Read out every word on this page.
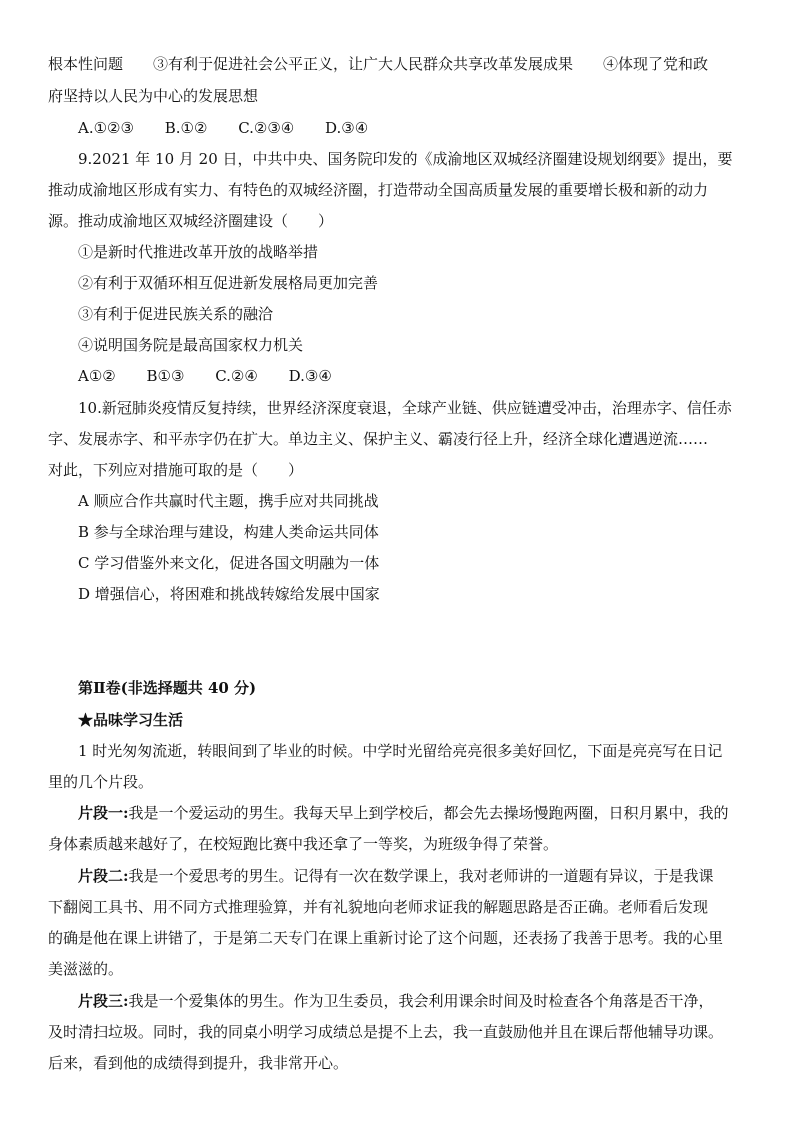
根本性问题　　③有利于促进社会公平正义，让广大人民群众共享改革发展成果　　④体现了党和政
府坚持以人民为中心的发展思想
A.①②③ B.①② C.②③④ D.③④
9.2021 年 10 月 20 日，中共中央、国务院印发的《成渝地区双城经济圈建设规划纲要》提出，要
推动成渝地区形成有实力、有特色的双城经济圈，打造带动全国高质量发展的重要增长极和新的动力
源。推动成渝地区双城经济圈建设（　　）
①是新时代推进改革开放的战略举措
②有利于双循环相互促进新发展格局更加完善
③有利于促进民族关系的融洽
④说明国务院是最高国家权力机关
A①② B①③ C.②④ D.③④
10.新冠肺炎疫情反复持续，世界经济深度衰退，全球产业链、供应链遭受冲击，治理赤字、信任赤
字、发展赤字、和平赤字仍在扩大。单边主义、保护主义、霸凌行径上升，经济全球化遭遇逆流……
对此，下列应对措施可取的是（　　）
A 顺应合作共赢时代主题，携手应对共同挑战
B 参与全球治理与建设，构建人类命运共同体
C 学习借鉴外来文化，促进各国文明融为一体
D 增强信心，将困难和挑战转嫁给发展中国家
第Ⅱ卷(非选择题共 40 分)
★品味学习生活
1 时光匆匆流逝，转眼间到了毕业的时候。中学时光留给亮亮很多美好回忆，下面是亮亮写在日记
里的几个片段。
片段一:我是一个爱运动的男生。我每天早上到学校后，都会先去操场慢跑两圈，日积月累中，我的
身体素质越来越好了，在校短跑比赛中我还拿了一等奖，为班级争得了荣誉。
片段二:我是一个爱思考的男生。记得有一次在数学课上，我对老师讲的一道题有异议，于是我课
下翻阅工具书、用不同方式推理验算，并有礼貌地向老师求证我的解题思路是否正确。老师看后发现
的确是他在课上讲错了，于是第二天专门在课上重新讨论了这个问题，还表扬了我善于思考。我的心里
美滋滋的。
片段三:我是一个爱集体的男生。作为卫生委员，我会利用课余时间及时检查各个角落是否干净，
及时清扫垃圾。同时，我的同桌小明学习成绩总是提不上去，我一直鼓励他并且在课后帮他辅导功课。
后来，看到他的成绩得到提升，我非常开心。
